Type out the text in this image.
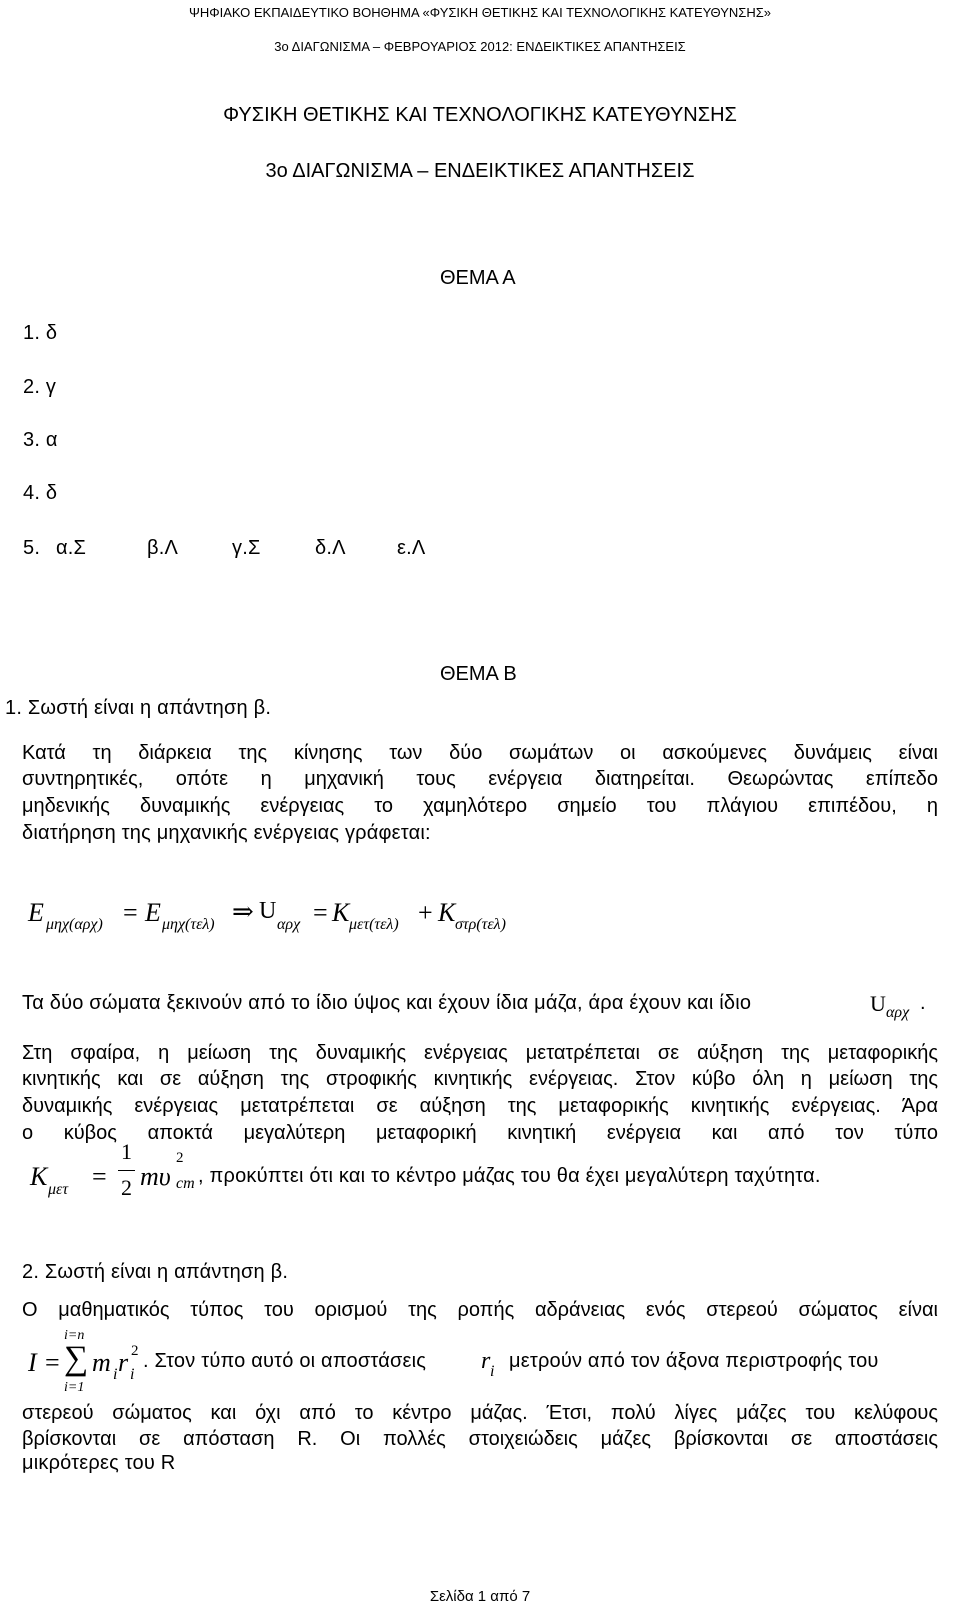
ΨΗΦΙΑΚΟ ΕΚΠΑΙΔΕΥΤΙΚΟ ΒΟΗΘΗΜΑ «ΦΥΣΙΚΗ ΘΕΤΙΚΗΣ ΚΑΙ ΤΕΧΝΟΛΟΓΙΚΗΣ ΚΑΤΕΥΘΥΝΣΗΣ»
3ο ΔΙΑΓΩΝΙΣΜΑ – ΦΕΒΡΟΥΑΡΙΟΣ 2012: ΕΝΔΕΙΚΤΙΚΕΣ ΑΠΑΝΤΗΣΕΙΣ
ΦΥΣΙΚΗ ΘΕΤΙΚΗΣ ΚΑΙ ΤΕΧΝΟΛΟΓΙΚΗΣ ΚΑΤΕΥΘΥΝΣΗΣ
3ο ΔΙΑΓΩΝΙΣΜΑ – ΕΝΔΕΙΚΤΙΚΕΣ ΑΠΑΝΤΗΣΕΙΣ
ΘΕΜΑ Α
1. δ
2. γ
3. α
4. δ
5. α.Σ	β.Λ	γ.Σ	δ.Λ	ε.Λ
ΘΕΜΑ Β
1. Σωστή είναι η απάντηση β.
Κατά τη διάρκεια της κίνησης των δύο σωμάτων οι ασκούμενες δυνάμεις είναι
συντηρητικές, οπότε η μηχανική τους ενέργεια διατηρείται. Θεωρώντας επίπεδο
μηδενικής δυναμικής ενέργειας το χαμηλότερο σημείο του πλάγιου επιπέδου, η
διατήρηση της μηχανικής ενέργειας γράφεται:
E μηχ(αρχ) = E μηχ(τελ) ⇒ U
αρχ = K μετ(τελ) + K στρ(τελ)
Τα δύο σώματα ξεκινούν από το ίδιο ύψος και έχουν ίδια μάζα, άρα έχουν και ίδιο	U αρχ .
Στη σφαίρα, η μείωση της δυναμικής ενέργειας μετατρέπεται σε αύξηση της μεταφορικής
κινητικής και σε αύξηση της στροφικής κινητικής ενέργειας. Στον κύβο όλη η μείωση της
δυναμικής ενέργειας μετατρέπεται σε αύξηση της μεταφορικής κινητικής ενέργειας. Άρα
ο κύβος αποκτά μεγαλύτερη μεταφορική κινητική ενέργεια και από τον τύπο
K μετ =
1
2 mυ
2
cm , προκύπτει ότι και το κέντρο μάζας του θα έχει μεγαλύτερη ταχύτητα.
2. Σωστή είναι η απάντηση β.
Ο μαθηματικός τύπος του ορισμού της ροπής αδράνειας ενός στερεού σώματος είναι
i=n
I = ∑ m i r 2
i
i=1
. Στον τύπο αυτό οι αποστάσεις r i μετρούν από τον άξονα περιστροφής του
στερεού σώματος και όχι από το κέντρο μάζας. Έτσι, πολύ λίγες μάζες του κελύφους
βρίσκονται σε απόσταση R. Οι πολλές στοιχειώδεις μάζες βρίσκονται σε αποστάσεις
μικρότερες του R
Σελίδα 1 από 7
